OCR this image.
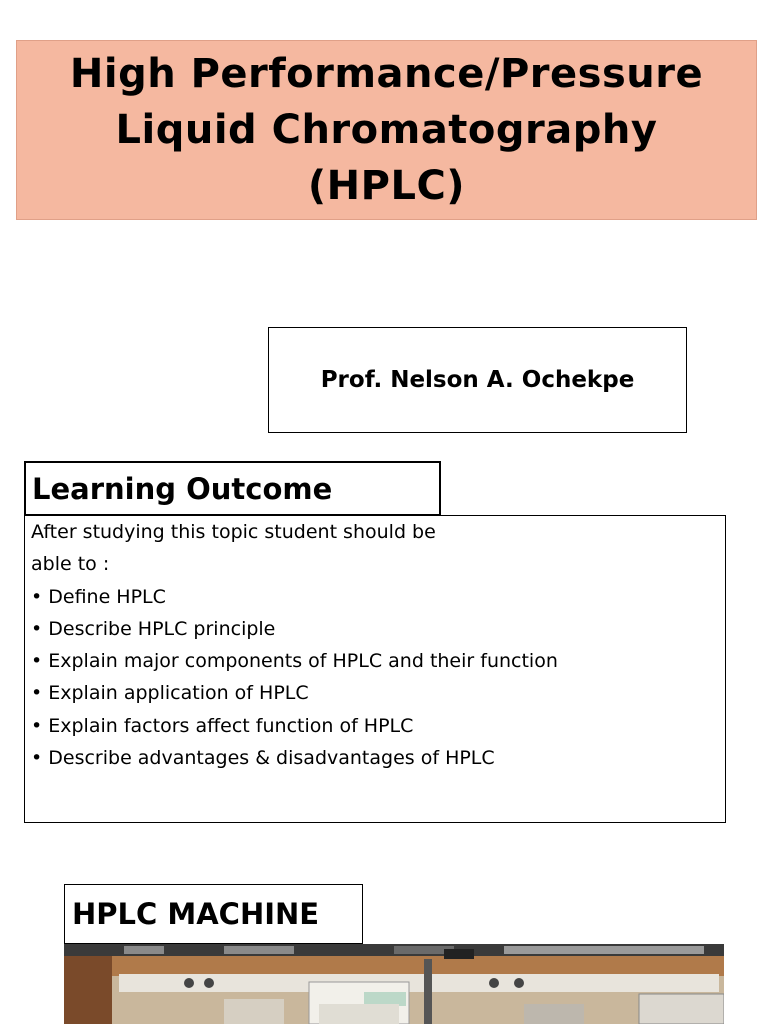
High Performance/Pressure
Liquid Chromatography
(HPLC)
Prof. Nelson A. Ochekpe
Learning Outcome
After studying this topic student should be
able to :
• Define HPLC
• Describe HPLC principle
• Explain major components of HPLC and their function
• Explain application of HPLC
• Explain factors affect function of HPLC
• Describe advantages & disadvantages of HPLC
HPLC MACHINE
